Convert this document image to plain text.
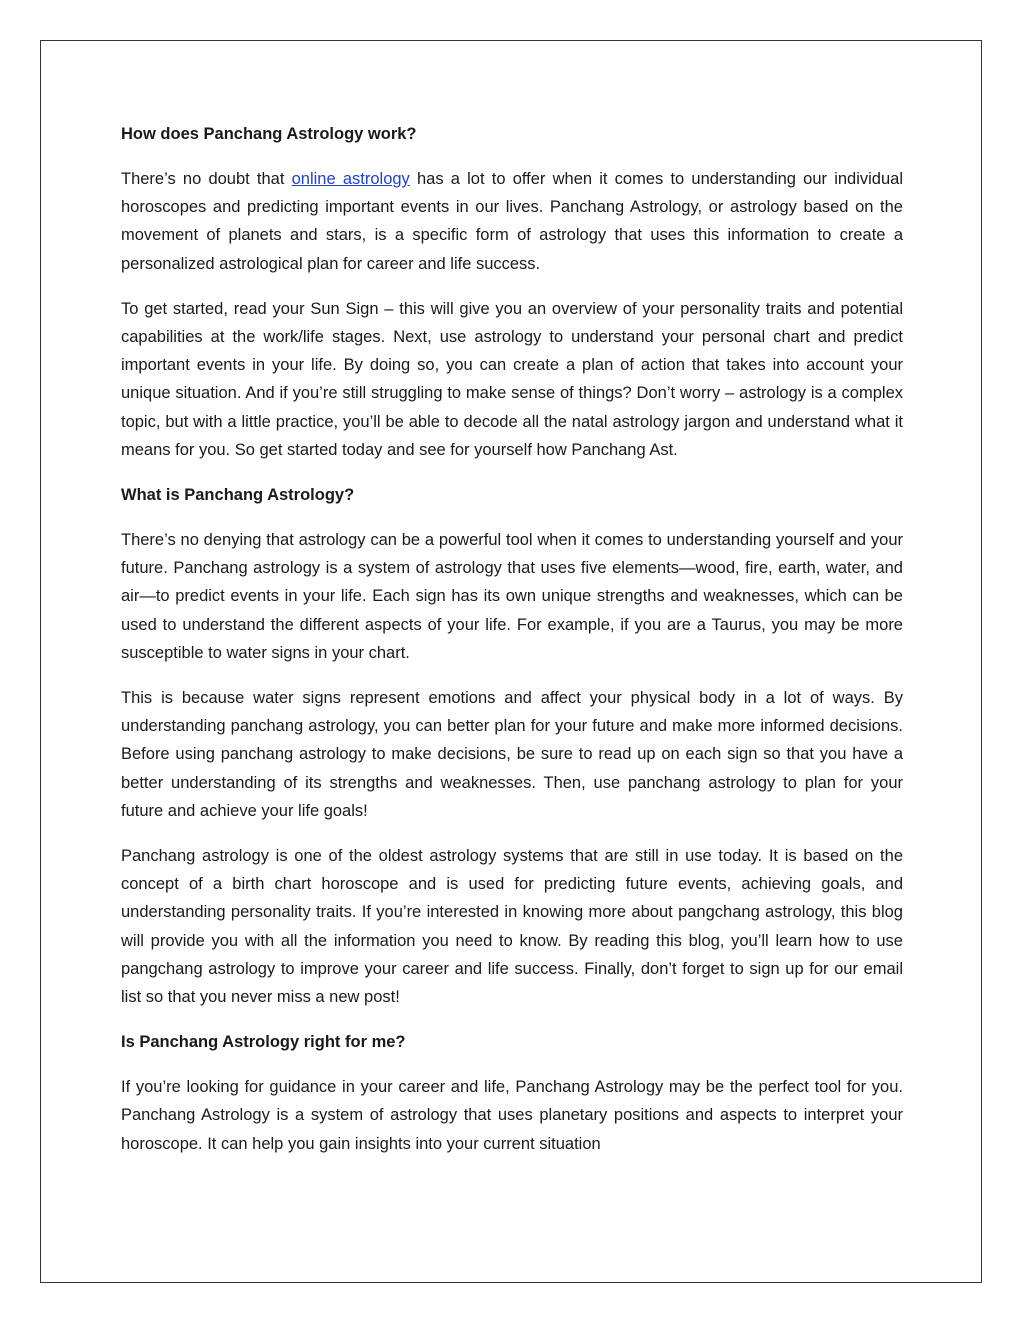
How does Panchang Astrology work?

There’s no doubt that online astrology has a lot to offer when it comes to understanding our individual horoscopes and predicting important events in our lives. Panchang Astrology, or astrology based on the movement of planets and stars, is a specific form of astrology that uses this information to create a personalized astrological plan for career and life success.

To get started, read your Sun Sign – this will give you an overview of your personality traits and potential capabilities at the work/life stages. Next, use astrology to understand your personal chart and predict important events in your life. By doing so, you can create a plan of action that takes into account your unique situation. And if you’re still struggling to make sense of things? Don’t worry – astrology is a complex topic, but with a little practice, you’ll be able to decode all the natal astrology jargon and understand what it means for you. So get started today and see for yourself how Panchang Ast.

What is Panchang Astrology?

There’s no denying that astrology can be a powerful tool when it comes to understanding yourself and your future. Panchang astrology is a system of astrology that uses five elements—wood, fire, earth, water, and air—to predict events in your life. Each sign has its own unique strengths and weaknesses, which can be used to understand the different aspects of your life. For example, if you are a Taurus, you may be more susceptible to water signs in your chart.

This is because water signs represent emotions and affect your physical body in a lot of ways. By understanding panchang astrology, you can better plan for your future and make more informed decisions. Before using panchang astrology to make decisions, be sure to read up on each sign so that you have a better understanding of its strengths and weaknesses. Then, use panchang astrology to plan for your future and achieve your life goals!

Panchang astrology is one of the oldest astrology systems that are still in use today. It is based on the concept of a birth chart horoscope and is used for predicting future events, achieving goals, and understanding personality traits. If you’re interested in knowing more about pangchang astrology, this blog will provide you with all the information you need to know. By reading this blog, you’ll learn how to use pangchang astrology to improve your career and life success. Finally, don’t forget to sign up for our email list so that you never miss a new post!

Is Panchang Astrology right for me?

If you’re looking for guidance in your career and life, Panchang Astrology may be the perfect tool for you. Panchang Astrology is a system of astrology that uses planetary positions and aspects to interpret your horoscope. It can help you gain insights into your current situation
